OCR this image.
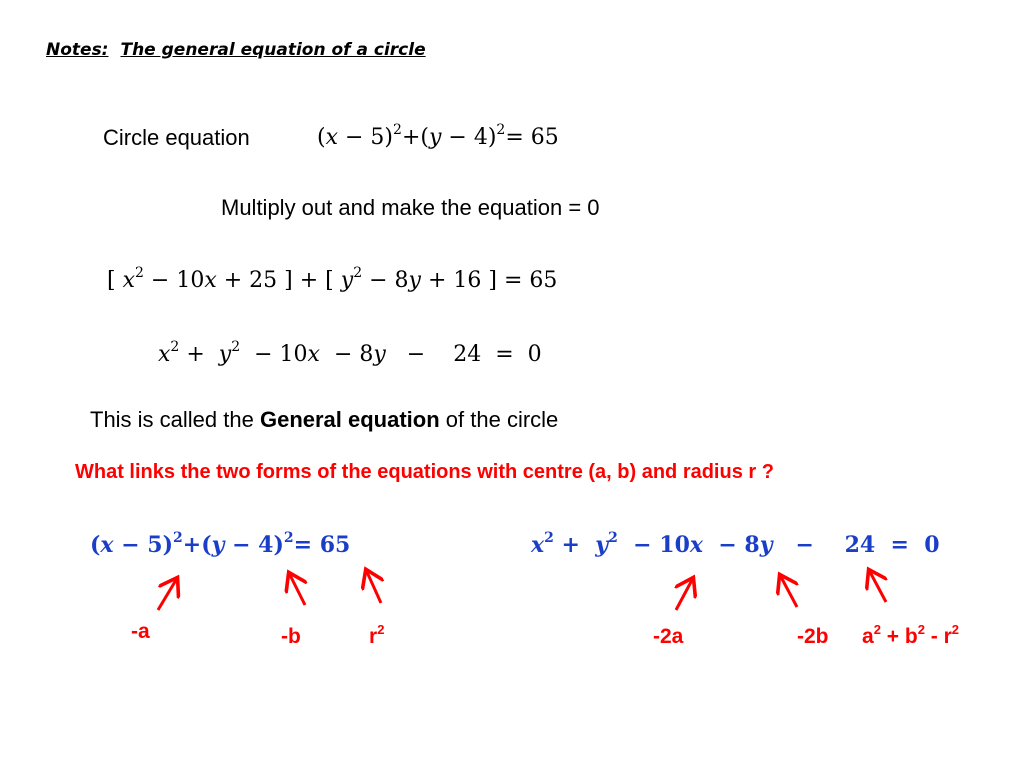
Notes: The general equation of a circle
Circle equation	$(x - 5)^2+(y - 4)^2= 65$
Multiply out and make the equation = 0
[ $x^2 - 10x + 25$ ] + [ $y^2 - 8y + 16$ ] = 65
$x^2 + y^2 - 10x - 8y$   −    24  =  0
This is called the General equation of the circle
What links the two forms of the equations with centre (a, b) and radius r ?
$(x - 5)^2+(y - 4)^2= 65$	$x^2 + y^2 - 10x - 8y$   −    24  =  0
-a	-b	$r^2$	-2a	-2b $a^2 + b^2 - r^2$
